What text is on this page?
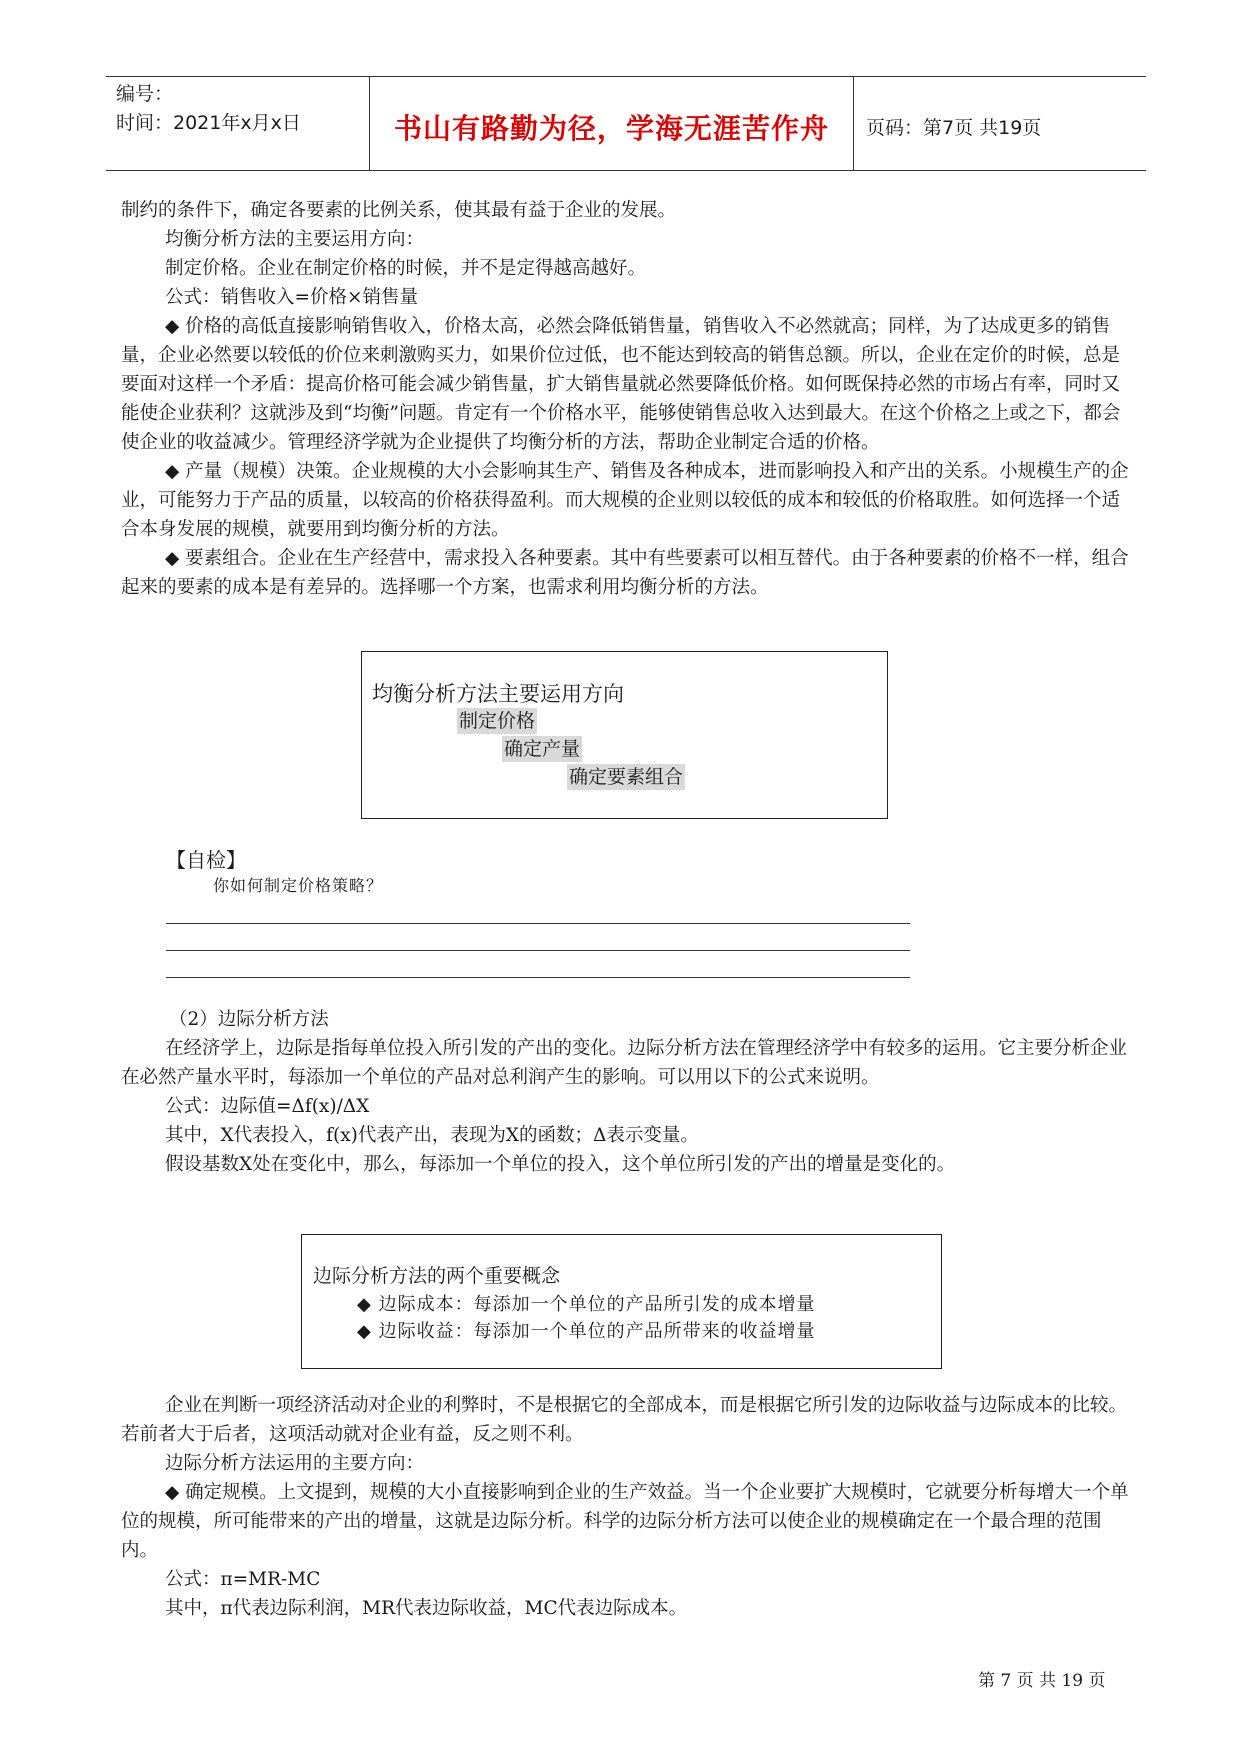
编号：
时间：2021年x月x日	书山有路勤为径，学海无涯苦作舟	页码：第7页 共19页

制约的条件下，确定各要素的比例关系，使其最有益于企业的发展。

均衡分析方法的主要运用方向：

制定价格。企业在制定价格的时候，并不是定得越高越好。

公式：销售收入=价格×销售量

◆ 价格的高低直接影响销售收入，价格太高，必然会降低销售量，销售收入不必然就高；同样，为了达成更多的销售量，企业必然要以较低的价位来刺激购买力，如果价位过低，也不能达到较高的销售总额。所以，企业在定价的时候，总是要面对这样一个矛盾：提高价格可能会减少销售量，扩大销售量就必然要降低价格。如何既保持必然的市场占有率，同时又能使企业获利？这就涉及到“均衡”问题。肯定有一个价格水平，能够使销售总收入达到最大。在这个价格之上或之下，都会使企业的收益减少。管理经济学就为企业提供了均衡分析的方法，帮助企业制定合适的价格。

◆ 产量（规模）决策。企业规模的大小会影响其生产、销售及各种成本，进而影响投入和产出的关系。小规模生产的企业，可能努力于产品的质量，以较高的价格获得盈利。而大规模的企业则以较低的成本和较低的价格取胜。如何选择一个适合本身发展的规模，就要用到均衡分析的方法。

◆ 要素组合。企业在生产经营中，需求投入各种要素。其中有些要素可以相互替代。由于各种要素的价格不一样，组合起来的要素的成本是有差异的。选择哪一个方案，也需求利用均衡分析的方法。

均衡分析方法主要运用方向
制定价格
确定产量
确定要素组合
【自检】
你如何制定价格策略？

（2）边际分析方法

在经济学上，边际是指每单位投入所引发的产出的变化。边际分析方法在管理经济学中有较多的运用。它主要分析企业在必然产量水平时，每添加一个单位的产品对总利润产生的影响。可以用以下的公式来说明。

公式：边际值=Δf(x)/ΔX

其中，X代表投入，f(x)代表产出，表现为X的函数；Δ表示变量。

假设基数X处在变化中，那么，每添加一个单位的投入，这个单位所引发的产出的增量是变化的。

边际分析方法的两个重要概念
◆ 边际成本：每添加一个单位的产品所引发的成本增量
◆ 边际收益：每添加一个单位的产品所带来的收益增量

企业在判断一项经济活动对企业的利弊时，不是根据它的全部成本，而是根据它所引发的边际收益与边际成本的比较。若前者大于后者，这项活动就对企业有益，反之则不利。

边际分析方法运用的主要方向：

◆ 确定规模。上文提到，规模的大小直接影响到企业的生产效益。当一个企业要扩大规模时，它就要分析每增大一个单位的规模，所可能带来的产出的增量，这就是边际分析。科学的边际分析方法可以使企业的规模确定在一个最合理的范围内。

公式：π=MR-MC

其中，π代表边际利润，MR代表边际收益，MC代表边际成本。

第 7 页 共 19 页
